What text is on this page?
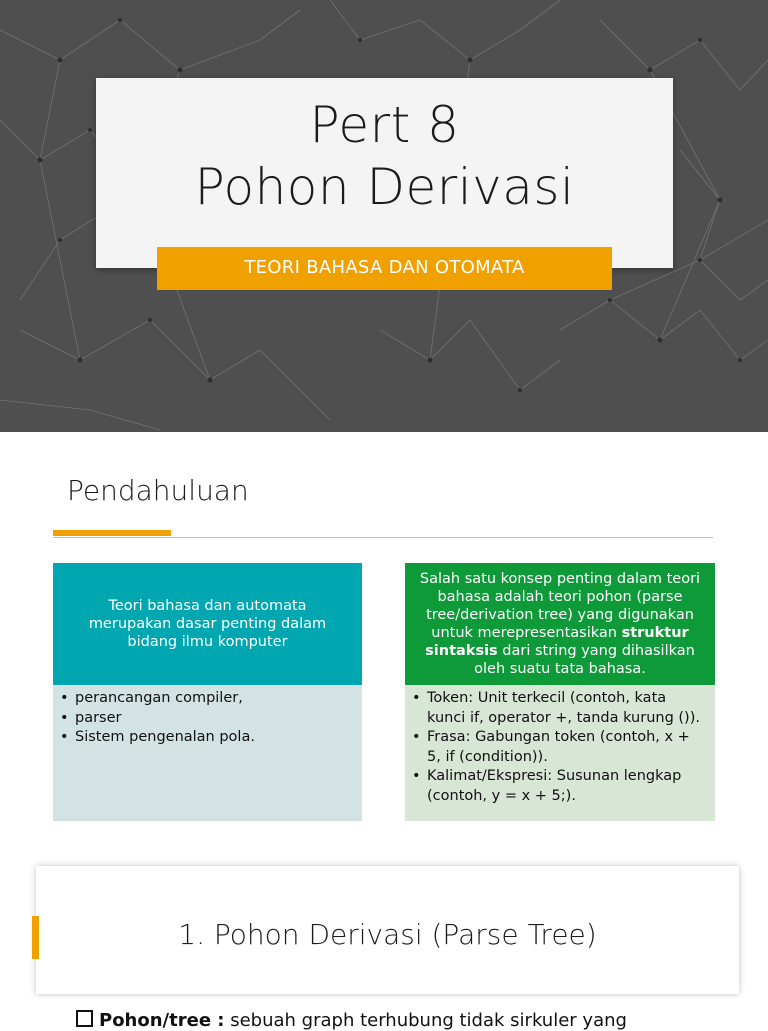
Pert 8
Pohon Derivasi
TEORI BAHASA DAN OTOMATA
Pendahuluan

Teori bahasa dan automata merupakan dasar penting dalam bidang ilmu komputer

• perancangan compiler,
• parser
• Sistem pengenalan pola.

Salah satu konsep penting dalam teori bahasa adalah teori pohon (parse tree/derivation tree) yang digunakan untuk merepresentasikan struktur sintaksis dari string yang dihasilkan oleh suatu tata bahasa.

• Token: Unit terkecil (contoh, kata kunci if, operator +, tanda kurung ()).
• Frasa: Gabungan token (contoh, x + 5, if (condition)).
• Kalimat/Ekspresi: Susunan lengkap (contoh, y = x + 5;).
1. Pohon Derivasi (Parse Tree)
Pohon/tree : sebuah graph terhubung tidak sirkuler yang
